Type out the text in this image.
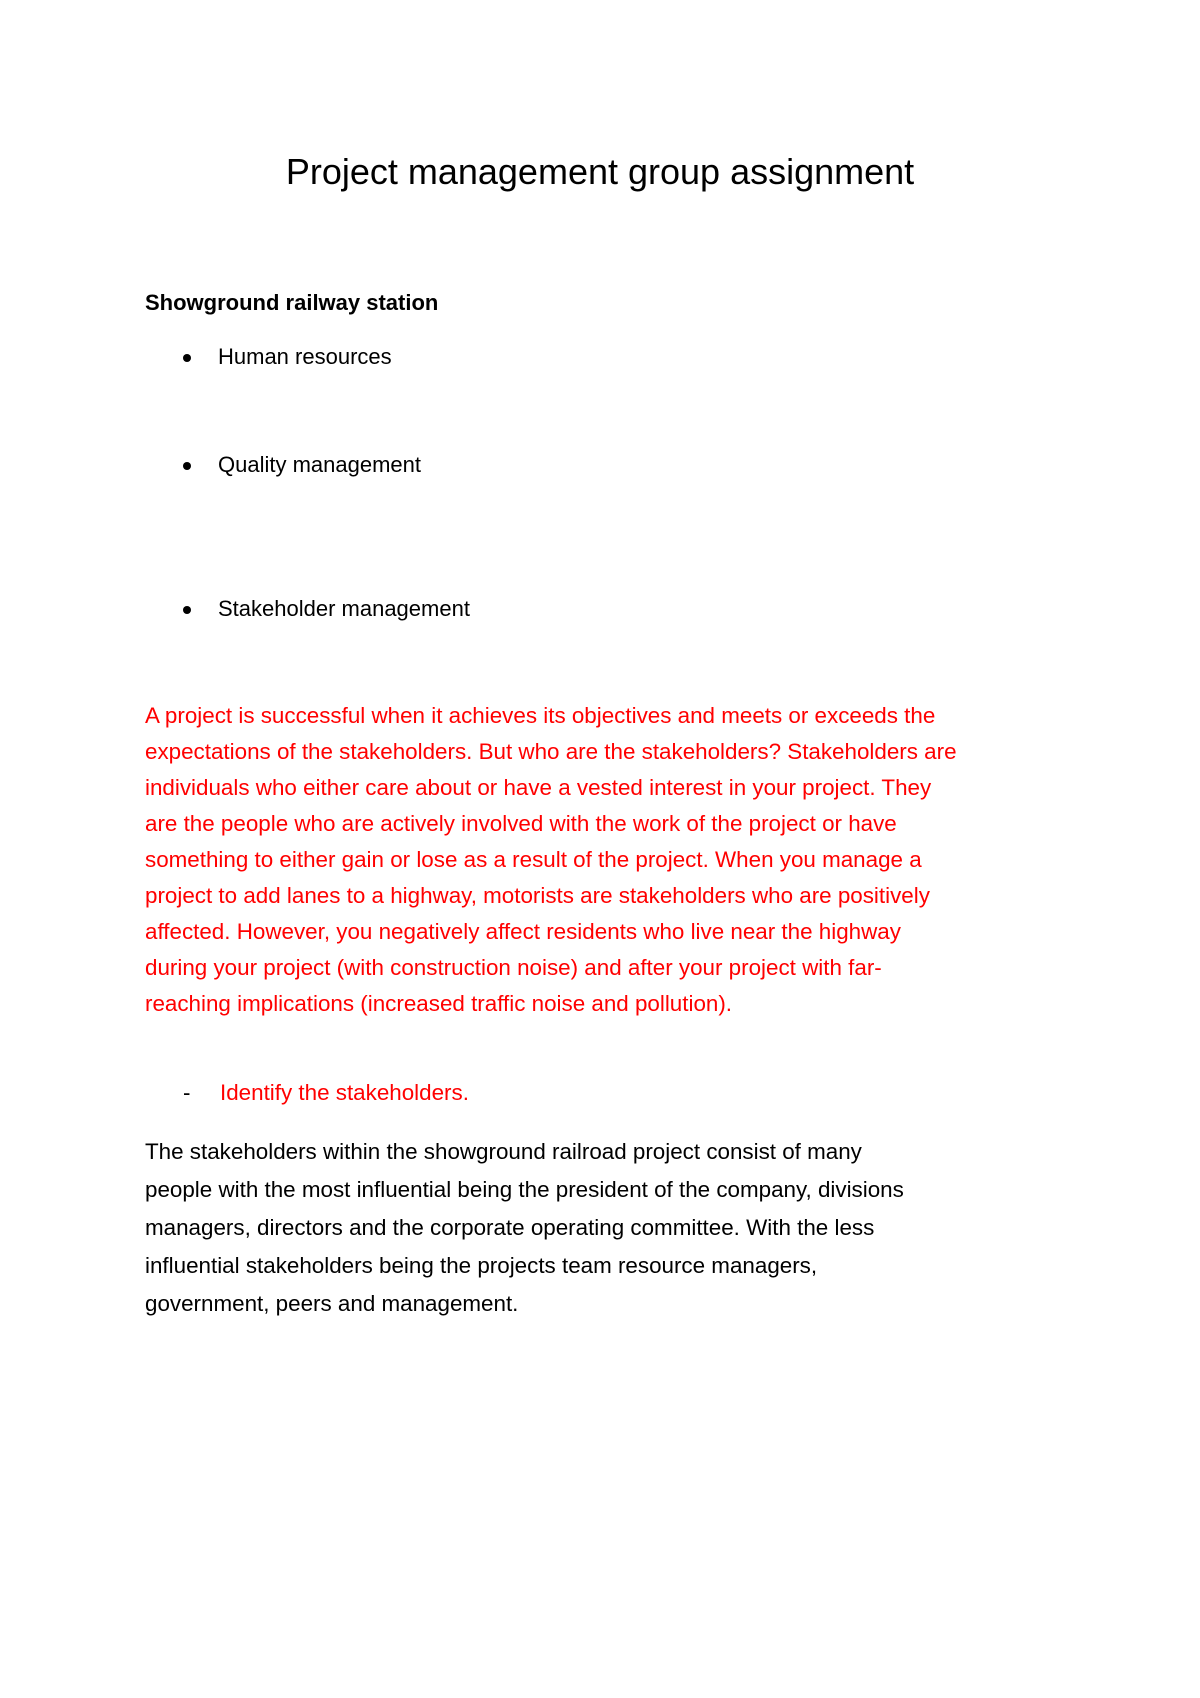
Project management group assignment
Showground railway station
Human resources
Quality management
Stakeholder management

A project is successful when it achieves its objectives and meets or exceeds the
expectations of the stakeholders. But who are the stakeholders? Stakeholders are
individuals who either care about or have a vested interest in your project. They
are the people who are actively involved with the work of the project or have
something to either gain or lose as a result of the project. When you manage a
project to add lanes to a highway, motorists are stakeholders who are positively
affected. However, you negatively affect residents who live near the highway
during your project (with construction noise) and after your project with far-
reaching implications (increased traffic noise and pollution).

- Identify the stakeholders.

The stakeholders within the showground railroad project consist of many
people with the most influential being the president of the company, divisions
managers, directors and the corporate operating committee. With the less
influential stakeholders being the projects team resource managers,
government, peers and management.
